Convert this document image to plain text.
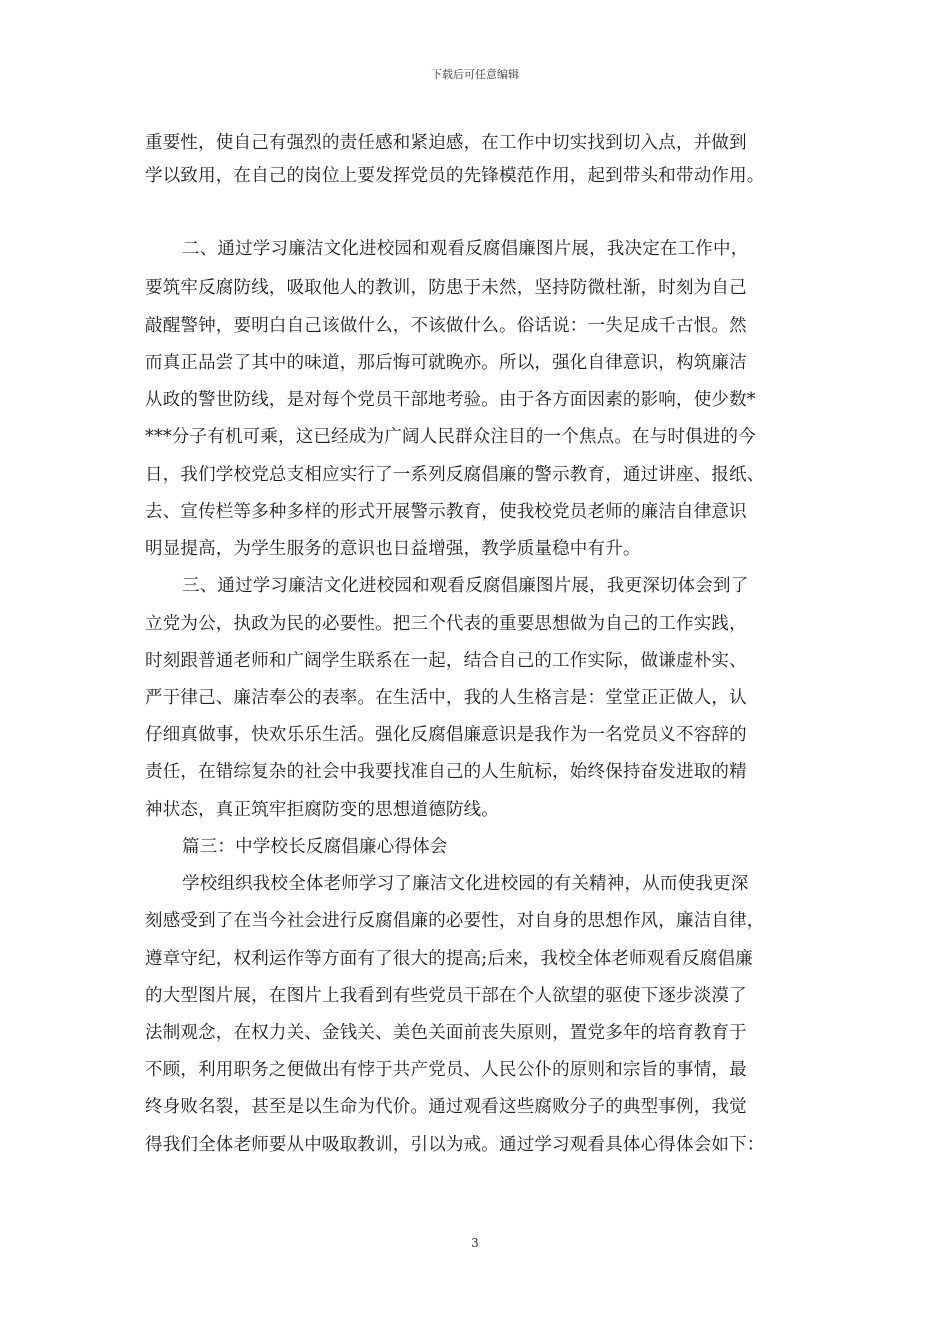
下载后可任意编辑
重要性，使自己有强烈的责任感和紧迫感，在工作中切实找到切入点，并做到
学以致用，在自己的岗位上要发挥党员的先锋模范作用，起到带头和带动作用。
二、通过学习廉洁文化进校园和观看反腐倡廉图片展，我决定在工作中，
要筑牢反腐防线，吸取他人的教训，防患于未然，坚持防微杜渐，时刻为自己
敲醒警钟，要明白自己该做什么，不该做什么。俗话说：一失足成千古恨。然
而真正品尝了其中的味道，那后悔可就晚亦。所以，强化自律意识，构筑廉洁
从政的警世防线，是对每个党员干部地考验。由于各方面因素的影响，使少数*
***分子有机可乘，这已经成为广阔人民群众注目的一个焦点。在与时俱进的今
日，我们学校党总支相应实行了一系列反腐倡廉的警示教育，通过讲座、报纸、
去、宣传栏等多种多样的形式开展警示教育，使我校党员老师的廉洁自律意识
明显提高，为学生服务的意识也日益增强，教学质量稳中有升。
三、通过学习廉洁文化进校园和观看反腐倡廉图片展，我更深切体会到了
立党为公，执政为民的必要性。把三个代表的重要思想做为自己的工作实践，
时刻跟普通老师和广阔学生联系在一起，结合自己的工作实际，做谦虚朴实、
严于律己、廉洁奉公的表率。在生活中，我的人生格言是：堂堂正正做人，认
仔细真做事，快欢乐乐生活。强化反腐倡廉意识是我作为一名党员义不容辞的
责任，在错综复杂的社会中我要找准自己的人生航标，始终保持奋发进取的精
神状态，真正筑牢拒腐防变的思想道德防线。
篇三：中学校长反腐倡廉心得体会
学校组织我校全体老师学习了廉洁文化进校园的有关精神，从而使我更深
刻感受到了在当今社会进行反腐倡廉的必要性，对自身的思想作风，廉洁自律，
遵章守纪，权利运作等方面有了很大的提高;后来，我校全体老师观看反腐倡廉
的大型图片展，在图片上我看到有些党员干部在个人欲望的驱使下逐步淡漠了
法制观念，在权力关、金钱关、美色关面前丧失原则，置党多年的培育教育于
不顾，利用职务之便做出有悖于共产党员、人民公仆的原则和宗旨的事情，最
终身败名裂，甚至是以生命为代价。通过观看这些腐败分子的典型事例，我觉
得我们全体老师要从中吸取教训，引以为戒。通过学习观看具体心得体会如下：
3
